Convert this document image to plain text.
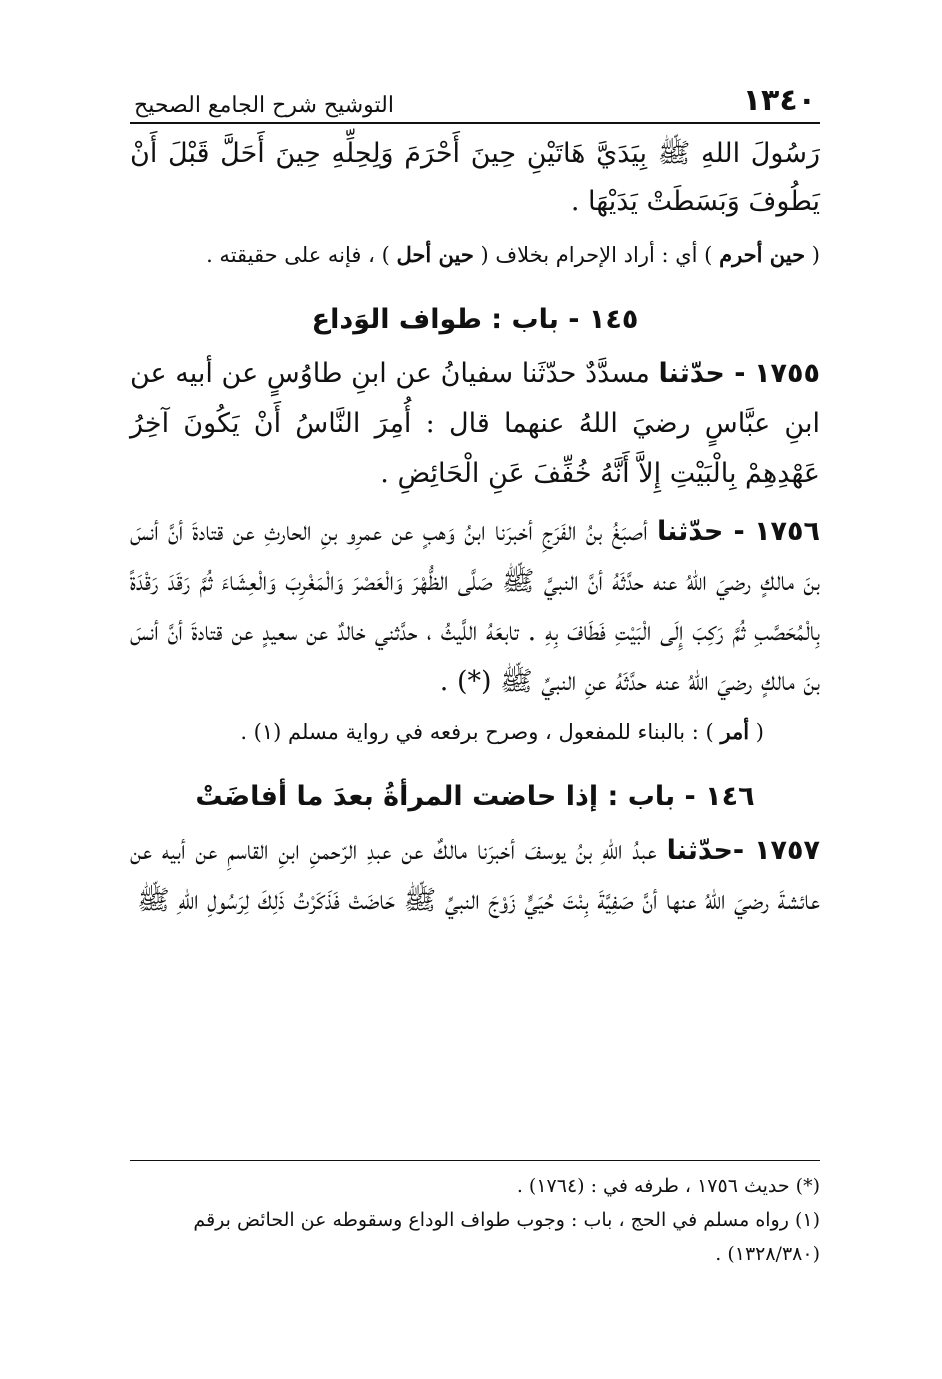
١٣٤٠
التوشيح شرح الجامع الصحيح

رَسُولَ اللهِ ﷺ بِيَدَيَّ هَاتَيْنِ حِينَ أَحْرَمَ وَلِحِلِّهِ حِينَ أَحَلَّ قَبْلَ أَنْ يَطُوفَ وَبَسَطَتْ يَدَيْهَا .

( حين أحرم ) أي : أراد الإحرام بخلاف ( حين أحل ) ، فإنه على حقيقته .

١٤٥ - باب : طواف الوَداع

١٧٥٥ - حدّثنا مسدَّدٌ حدّثَنا سفيانُ عن ابنِ طاوُسٍ عن أبيه عن ابنِ عبَّاسٍ رضيَ اللهُ عنهما قال : أُمِرَ النَّاسُ أَنْ يَكُونَ آخِرُ عَهْدِهِمْ بِالْبَيْتِ إِلاَّ أَنَّهُ خُفِّفَ عَنِ الْحَائِضِ .

١٧٥٦ - حدّثنا أصبَغُ بنُ الفَرَجِ أخبرَنا ابنُ وَهبٍ عن عمرِو بنِ الحارثِ عن قتادةَ أنَّ أنسَ بنَ مالكٍ رضيَ اللهُ عنه حدَّثَهُ أنَّ النبيَّ ﷺ صَلَّى الظُّهْرَ وَالْعَصْرَ وَالْمَغْرِبَ وَالْعِشَاءَ ثُمَّ رَقَدَ رَقْدَةً بِالْمُحَصَّبِ ثُمَّ رَكِبَ إِلَى الْبَيْتِ فَطَافَ بِهِ . تابعَهُ اللَّيثُ ، حدَّثني خالدٌ عن سعيدٍ عن قتادةَ أنَّ أنسَ بنَ مالكٍ رضيَ اللهُ عنه حدَّثَهُ عنِ النبيِّ ﷺ (*) .

( أمر ) : بالبناء للمفعول ، وصرح برفعه في رواية مسلم (١) .

١٤٦ - باب : إذا حاضت المرأةُ بعدَ ما أفاضَتْ

١٧٥٧ -حدّثنا عبدُ اللهِ بنُ يوسفَ أخبرَنا مالكٌ عن عبدِ الرّحمنِ ابنِ القاسمِ عن أبيه عن عائشةَ رضيَ اللهُ عنها أنَّ صَفِيَّةَ بِنْتَ حُيَيٍّ زَوْجَ النبيِّ ﷺ حَاضَتْ فَذَكَرْتُ ذَلِكَ لِرَسُولِ اللهِ ﷺ

(*) حديث ١٧٥٦ ، طرفه في : (١٧٦٤) .

(١) رواه مسلم في الحج ، باب : وجوب طواف الوداع وسقوطه عن الحائض برقم (١٣٢٨/٣٨٠) .
